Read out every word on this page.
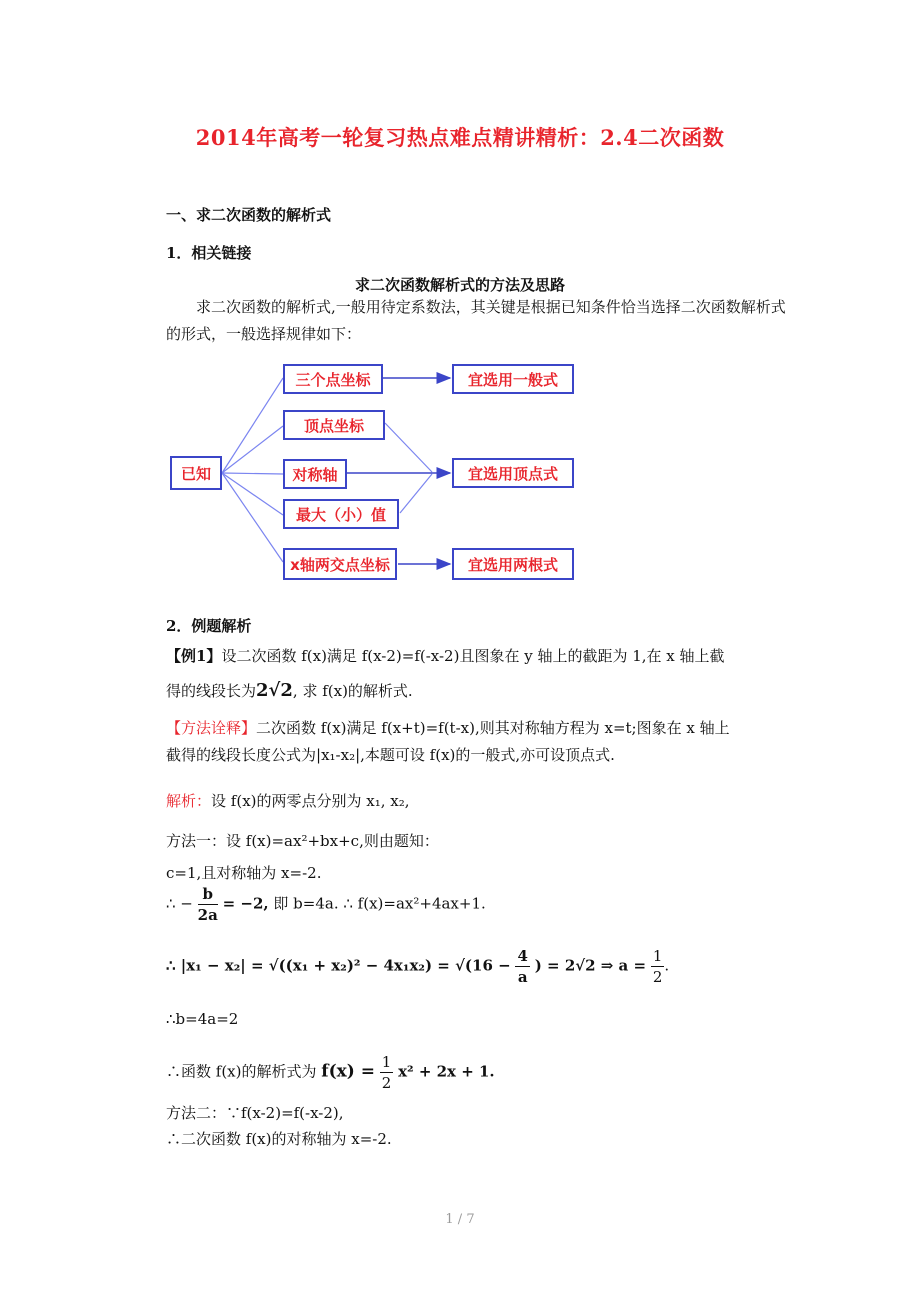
2014年高考一轮复习热点难点精讲精析：2.4二次函数
一、求二次函数的解析式
1．相关链接
求二次函数解析式的方法及思路
求二次函数的解析式,一般用待定系数法，其关键是根据已知条件恰当选择二次函数解析式的形式，一般选择规律如下：
已知
三个点坐标
顶点坐标
对称轴
最大（小）值
x轴两交点坐标
宜选用一般式
宜选用顶点式
宜选用两根式
2．例题解析
【例1】设二次函数 f(x)满足 f(x-2)=f(-x-2)且图象在 y 轴上的截距为 1,在 x 轴上截
得的线段长为2√2, 求 f(x)的解析式.
【方法诠释】二次函数 f(x)满足 f(x+t)=f(t-x),则其对称轴方程为 x=t;图象在 x 轴上
截得的线段长度公式为|x₁-x₂|,本题可设 f(x)的一般式,亦可设顶点式.
解析：设 f(x)的两零点分别为 x₁, x₂,
方法一：设 f(x)=ax²+bx+c,则由题知：
c=1,且对称轴为 x=-2.
∴ − $\frac{b}{2a} = -2$, 即 b=4a. ∴ f(x)=ax²+4ax+1.
∴ $|x_1 - x_2| = √((x_1 + x_2)^2 - 4x_1x_2) = √(16 - \frac{4}{a}$ ) = 2√2 ⇒ $a = \frac{1}{2}$ .
∴b=4a=2
∴函数 f(x)的解析式为 $f(x) = \frac{1}{2} x^2 + 2x + 1$.
方法二：∵f(x-2)=f(-x-2),
∴二次函数 f(x)的对称轴为 x=-2.
1 / 7
